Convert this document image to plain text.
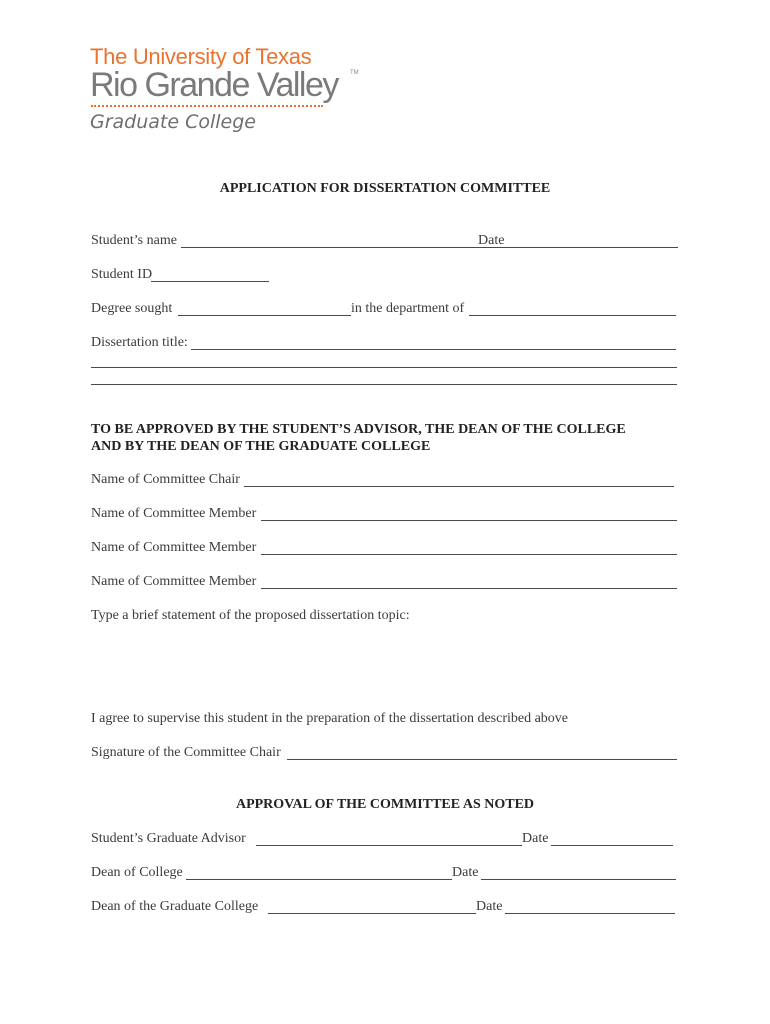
The University of Texas
Rio Grande Valley TM
Graduate College
APPLICATION FOR DISSERTATION COMMITTEE
Student’s name	Date
Student ID
Degree sought	in the department of
Dissertation title:
TO BE APPROVED BY THE STUDENT’S ADVISOR, THE DEAN OF THE COLLEGE
AND BY THE DEAN OF THE GRADUATE COLLEGE
Name of Committee Chair
Name of Committee Member
Name of Committee Member
Name of Committee Member
Type a brief statement of the proposed dissertation topic:
I agree to supervise this student in the preparation of the dissertation described above
Signature of the Committee Chair
APPROVAL OF THE COMMITTEE AS NOTED
Student’s Graduate Advisor	Date
Dean of College	Date
Dean of the Graduate College	Date
